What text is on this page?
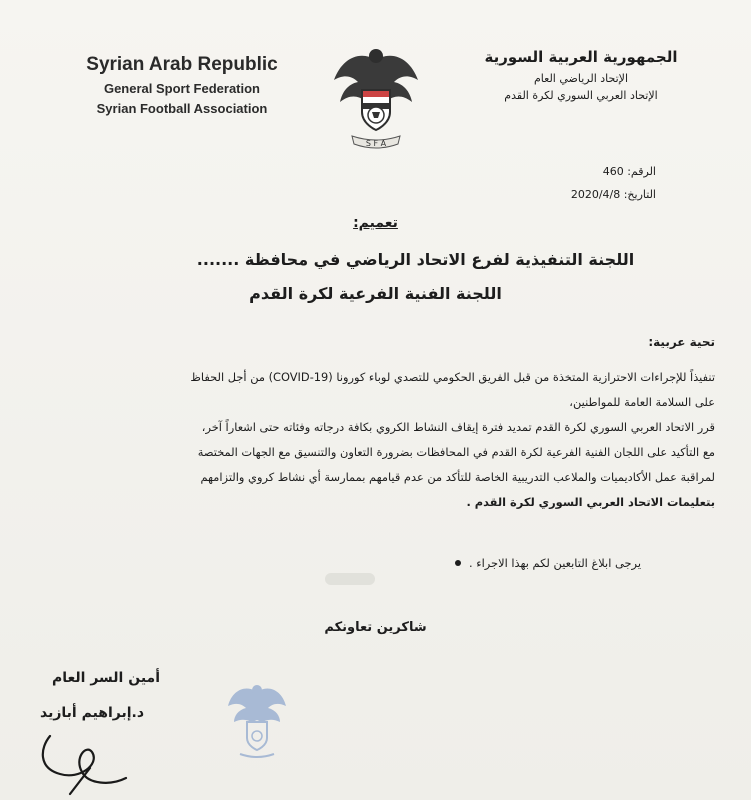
Syrian Arab Republic
General Sport Federation
Syrian Football Association
S F A
الجمهورية العربية السورية
الإتحاد الرياضي العام
الإتحاد العربي السوري لكرة القدم
الرقم: 460
التاريخ: 2020/4/8
تعميم:
اللجنة التنفيذية لفرع الاتحاد الرياضي في محافظة .......
اللجنة الفنية الفرعية لكرة القدم
تحية عربية:

تنفيذاً للإجراءات الاحترازية المتخذة من قبل الفريق الحكومي للتصدي لوباء كورونا (COVID-19) من أجل الحفاظ

على السلامة العامة للمواطنين،

قرر الاتحاد العربي السوري لكرة القدم تمديد فترة إيقاف النشاط الكروي بكافة درجاته وفئاته حتى اشعاراً آخر،

مع التأكيد على اللجان الفنية الفرعية لكرة القدم في المحافظات بضرورة التعاون والتنسيق مع الجهات المختصة

لمراقبة عمل الأكاديميات والملاعب التدريبية الخاصة للتأكد من عدم قيامهم بممارسة أي نشاط كروي والتزامهم

بتعليمات الاتحاد العربي السوري لكرة القدم .

يرجى ابلاغ التابعين لكم بهذا الاجراء .
شاكرين تعاونكم
أمين السر العام
د.إبراهيم أبازيد
